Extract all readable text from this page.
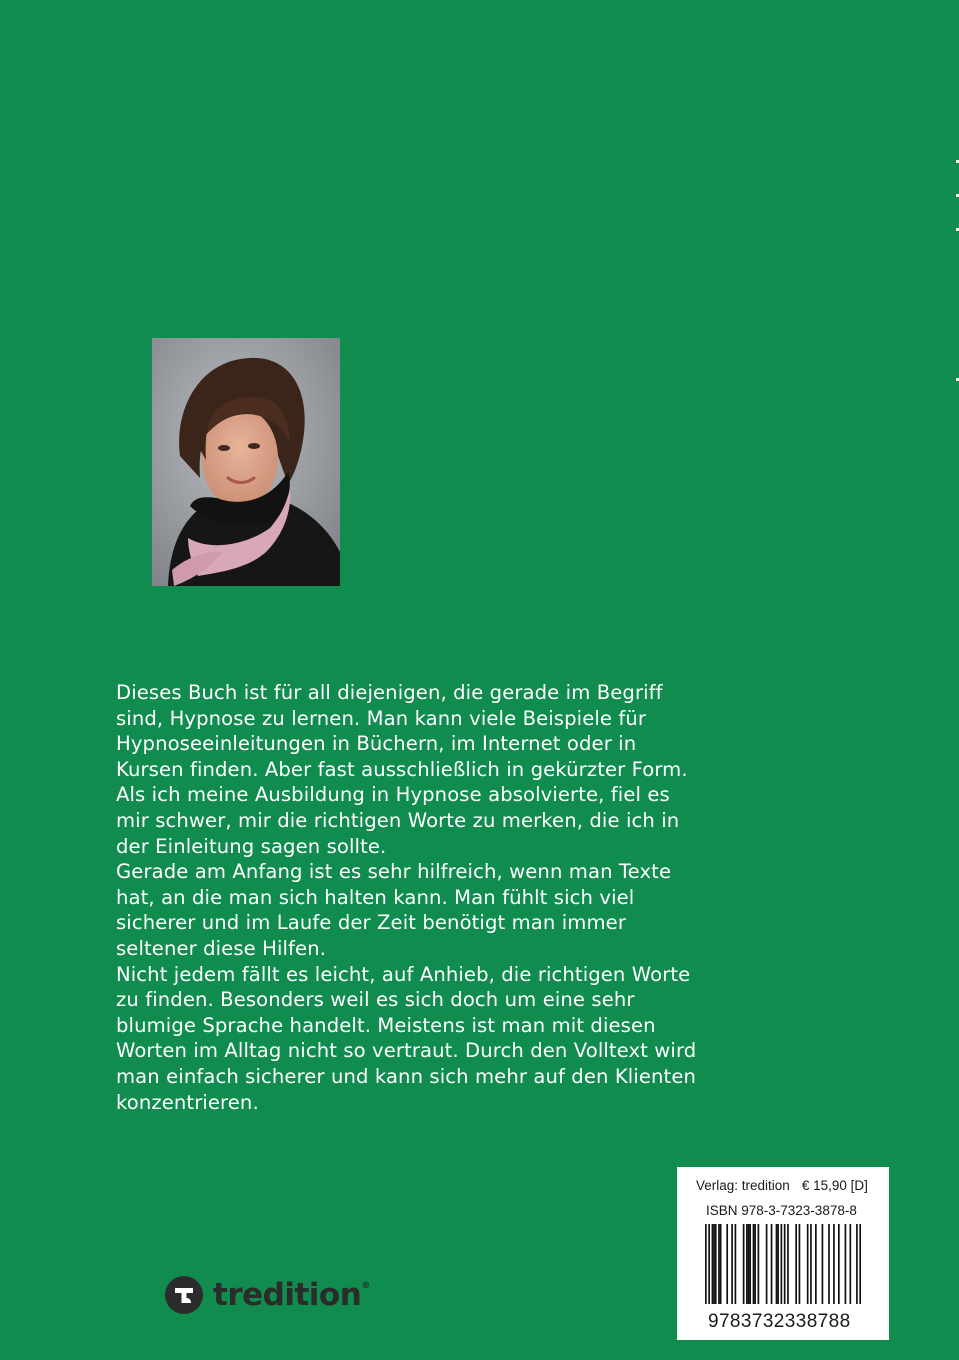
Dieses Buch ist für all diejenigen, die gerade im Begriff sind, Hypnose zu lernen. Man kann viele Beispiele für Hypnoseeinleitungen in Büchern, im Internet oder in Kursen finden. Aber fast ausschließlich in gekürzter Form. Als ich meine Ausbildung in Hypnose absolvierte, fiel es mir schwer, mir die richtigen Worte zu merken, die ich in der Einleitung sagen sollte.

Gerade am Anfang ist es sehr hilfreich, wenn man Texte hat, an die man sich halten kann. Man fühlt sich viel sicherer und im Laufe der Zeit benötigt man immer seltener diese Hilfen.

Nicht jedem fällt es leicht, auf Anhieb, die richtigen Worte zu finden. Besonders weil es sich doch um eine sehr blumige Sprache handelt. Meistens ist man mit diesen Worten im Alltag nicht so vertraut. Durch den Volltext wird man einfach sicherer und kann sich mehr auf den Klienten konzentrieren.

tredition®
Verlag: tredition € 15,90 [D]
ISBN 978-3-7323-3878-8
9783732338788
